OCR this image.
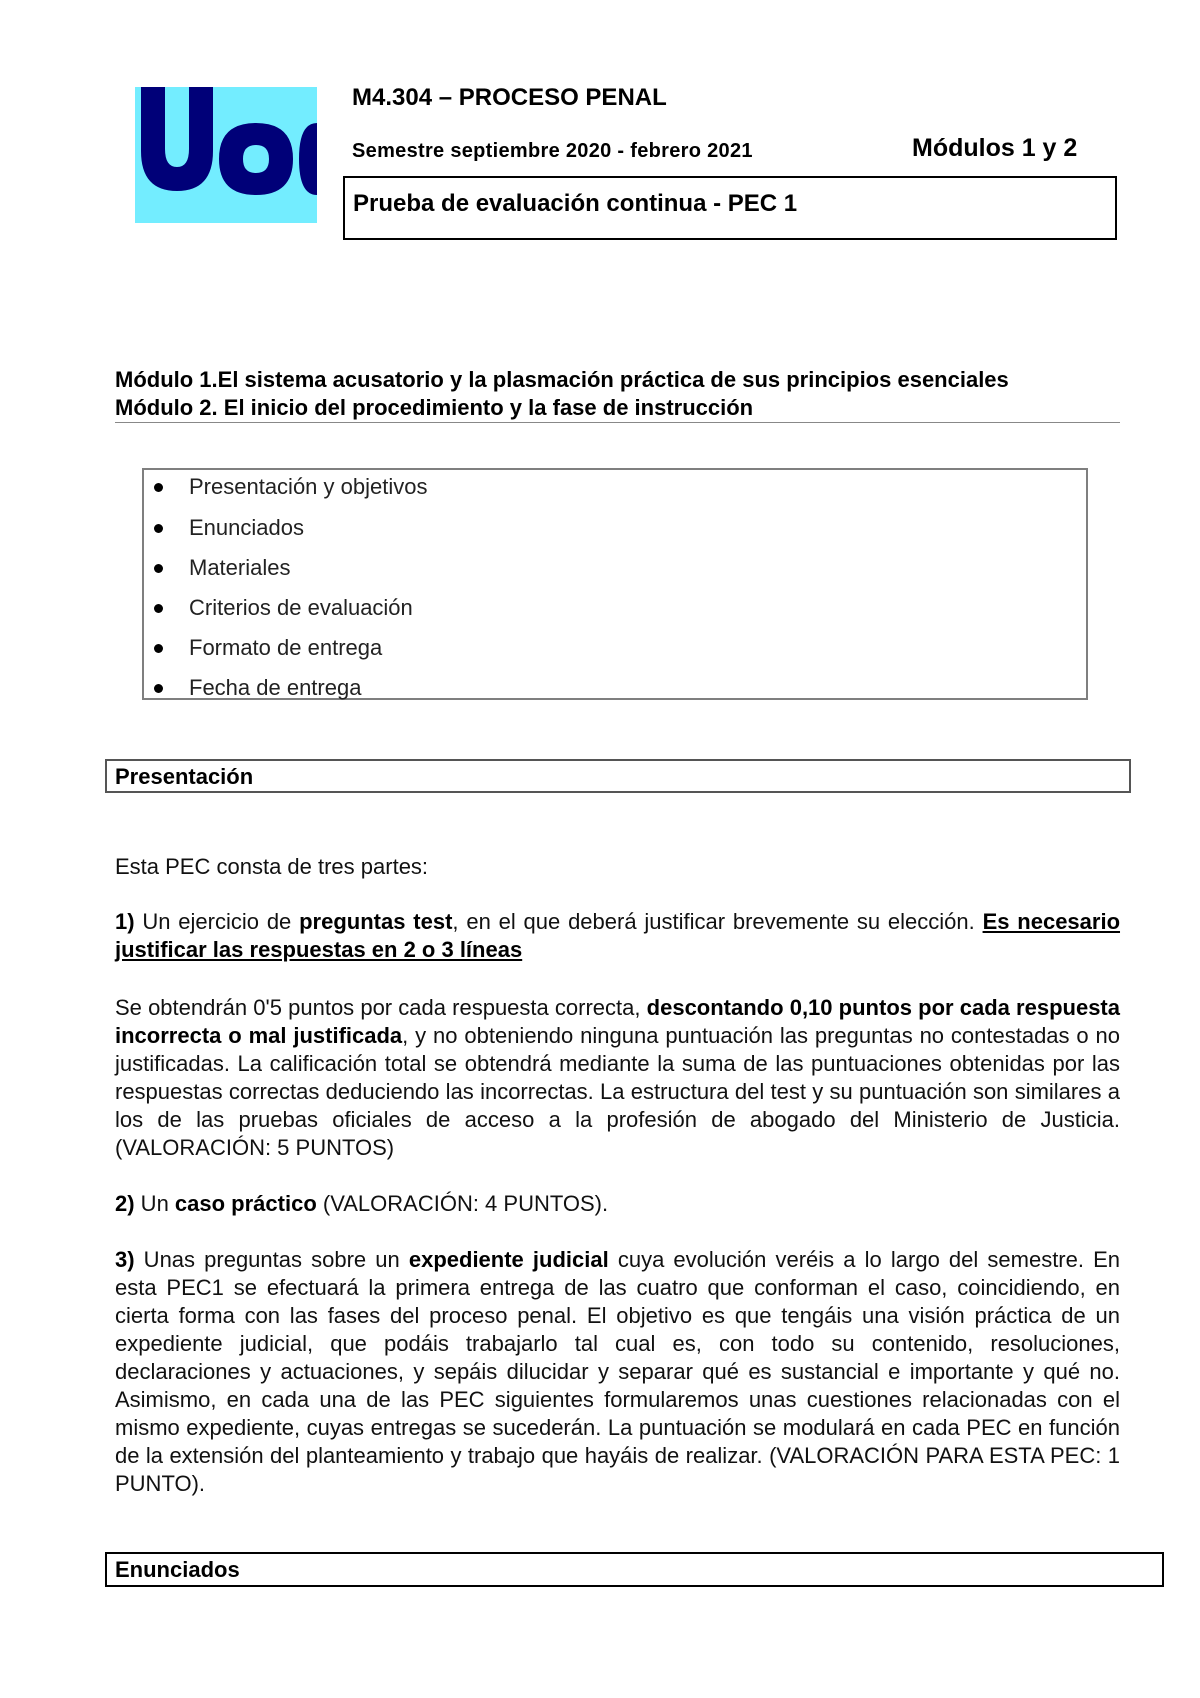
M4.304 – PROCESO PENAL
Semestre septiembre 2020 - febrero 2021	Módulos 1 y 2
Prueba de evaluación continua - PEC 1
Módulo 1.El sistema acusatorio y la plasmación práctica de sus principios esenciales
Módulo 2. El inicio del procedimiento y la fase de instrucción
Presentación y objetivos
Enunciados
Materiales
Criterios de evaluación
Formato de entrega
Fecha de entrega
Presentación
Esta PEC consta de tres partes:
1) Un ejercicio de preguntas test, en el que deberá justificar brevemente su elección. Es necesario justificar las respuestas en 2 o 3 líneas
Se obtendrán 0'5 puntos por cada respuesta correcta, descontando 0,10 puntos por cada respuesta incorrecta o mal justificada, y no obteniendo ninguna puntuación las preguntas no contestadas o no justificadas. La calificación total se obtendrá mediante la suma de las puntuaciones obtenidas por las respuestas correctas deduciendo las incorrectas. La estructura del test y su puntuación son similares a los de las pruebas oficiales de acceso a la profesión de abogado del Ministerio de Justicia. (VALORACIÓN: 5 PUNTOS)
2) Un caso práctico (VALORACIÓN: 4 PUNTOS).
3) Unas preguntas sobre un expediente judicial cuya evolución veréis a lo largo del semestre. En esta PEC1 se efectuará la primera entrega de las cuatro que conforman el caso, coincidiendo, en cierta forma con las fases del proceso penal. El objetivo es que tengáis una visión práctica de un expediente judicial, que podáis trabajarlo tal cual es, con todo su contenido, resoluciones, declaraciones y actuaciones, y sepáis dilucidar y separar qué es sustancial e importante y qué no. Asimismo, en cada una de las PEC siguientes formularemos unas cuestiones relacionadas con el mismo expediente, cuyas entregas se sucederán. La puntuación se modulará en cada PEC en función de la extensión del planteamiento y trabajo que hayáis de realizar. (VALORACIÓN PARA ESTA PEC: 1 PUNTO).
Enunciados
